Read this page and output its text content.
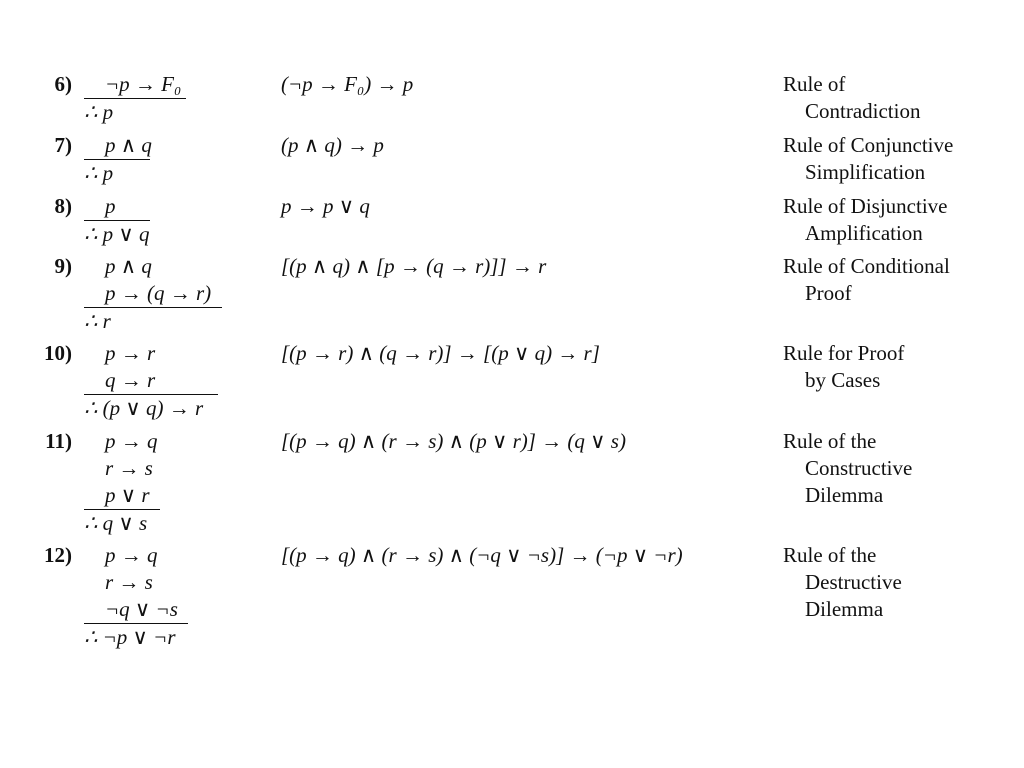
6)	¬p → F₀
∴ p
(¬p → F₀) → p	Rule of
Contradiction
7)	p ∧ q
∴ p
(p ∧ q) → p	Rule of Conjunctive
Simplification
8)	p
∴ p ∨ q
p → p ∨ q	Rule of Disjunctive
Amplification
9)	p ∧ q
p → (q → r)
∴ r
[(p ∧ q) ∧ [p → (q → r)]] → r	Rule of Conditional
Proof
10)	p → r
q → r
∴ (p ∨ q) → r
[(p → r) ∧ (q → r)] → [(p ∨ q) → r]	Rule for Proof
by Cases
11)	p → q
r → s
p ∨ r
∴ q ∨ s
[(p → q) ∧ (r → s) ∧ (p ∨ r)] → (q ∨ s)	Rule of the
Constructive
Dilemma
12)	p → q
r → s
¬q ∨ ¬s
∴ ¬p ∨ ¬r
[(p → q) ∧ (r → s) ∧ (¬q ∨ ¬s)] → (¬p ∨ ¬r)	Rule of the
Destructive
Dilemma
